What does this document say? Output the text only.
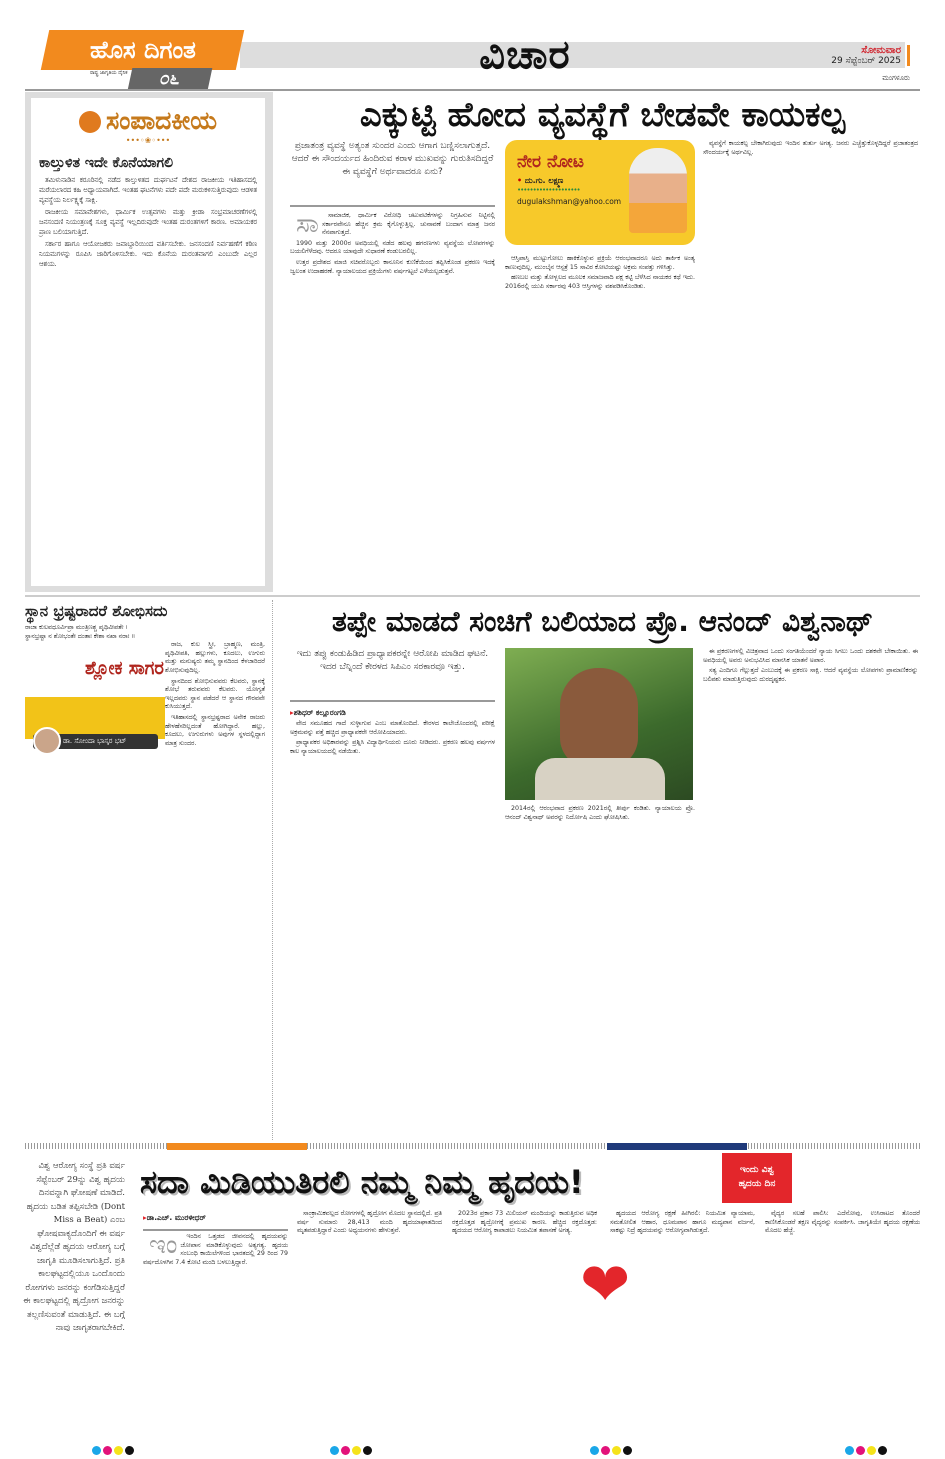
ಹೊಸ ದಿಗಂತ
ರಾಷ್ಟ್ರ ಜಾಗೃತಿಯ ದೈನಿಕ	೦೬
ವಿಚಾರ	ಸೋಮವಾರ
29 ಸೆಪ್ಟೆಂಬರ್ 2025
ಮಂಗಳೂರು
ಸಂಪಾದಕೀಯ
•••◦❀◦•••
ಕಾಲ್ತುಳಿತ ಇದೇ ಕೊನೆಯಾಗಲಿ

ತಮಿಳುನಾಡಿನ ಕರೂರಿನಲ್ಲಿ ನಡೆದ ಕಾಲ್ತುಳಿತದ ದುರ್ಘಟನೆ ದೇಶದ ರಾಜಕೀಯ ಇತಿಹಾಸದಲ್ಲಿ ಮರೆಯಲಾರದ ಕಹಿ ಅಧ್ಯಾಯವಾಗಿದೆ. ಇಂತಹ ಘಟನೆಗಳು ಪದೇ ಪದೇ ಮರುಕಳಿಸುತ್ತಿರುವುದು ಆಡಳಿತ ವ್ಯವಸ್ಥೆಯ ನಿರ್ಲಕ್ಷ್ಯಕ್ಕೆ ಸಾಕ್ಷಿ.

ರಾಜಕೀಯ ಸಮಾವೇಶಗಳು, ಧಾರ್ಮಿಕ ಉತ್ಸವಗಳು ಮತ್ತು ಕ್ರೀಡಾ ಸಂಭ್ರಮಾಚರಣೆಗಳಲ್ಲಿ ಜನಸಂದಣಿ ನಿಯಂತ್ರಣಕ್ಕೆ ಸೂಕ್ತ ವ್ಯವಸ್ಥೆ ಇಲ್ಲದಿರುವುದೇ ಇಂತಹ ದುರಂತಗಳಿಗೆ ಕಾರಣ. ಅಮಾಯಕರ ಪ್ರಾಣ ಬಲಿಯಾಗುತ್ತಿದೆ.

ಸರ್ಕಾರ ಹಾಗೂ ಆಯೋಜಕರು ಜವಾಬ್ದಾರಿಯಿಂದ ವರ್ತಿಸಬೇಕು. ಜನಸಂದಣಿ ನಿರ್ವಹಣೆಗೆ ಕಠಿಣ ನಿಯಮಗಳನ್ನು ರೂಪಿಸಿ ಜಾರಿಗೊಳಿಸಬೇಕು. ಇದು ಕೊನೆಯ ದುರಂತವಾಗಲಿ ಎಂಬುದೇ ಎಲ್ಲರ ಆಶಯ.

ಎಕ್ಕುಟ್ಟಿ ಹೋದ ವ್ಯವಸ್ಥೆಗೆ ಬೇಡವೇ ಕಾಯಕಲ್ಪ
ಪ್ರಜಾತಂತ್ರ ವ್ಯವಸ್ಥೆ ಅತ್ಯಂತ ಸುಂದರ ಎಂದು ಆಗಾಗ ಬಣ್ಣಿಸಲಾಗುತ್ತದೆ. ಆದರೆ ಈ ಸೌಂದರ್ಯದ ಹಿಂದಿರುವ ಕರಾಳ ಮುಖವನ್ನು ಗುರುತಿಸದಿದ್ದರೆ ಈ ವ್ಯವಸ್ಥೆಗೆ ಅರ್ಥವಾದರೂ ಏನು?	ನೇರ ನೋಟ
• ದು.ಗು. ಲಕ್ಷ್ಮಣ
••••••••••••••••••••
dugulakshman@yahoo.com

ಸಾ ಸಾಮಾಜಿಕ, ಧಾರ್ಮಿಕ ವಿರೋಧಿ ಚಟುವಟಿಕೆಗಳನ್ನು ನಿಗ್ರಹಿಸುವ ನಿಟ್ಟಿನಲ್ಲಿ ಸರ್ಕಾರವೇನೂ ಹೆಚ್ಚಿನ ಕ್ರಮ ಕೈಗೊಳ್ಳುತ್ತಿಲ್ಲ. ಚುನಾವಣೆ ಬಂದಾಗ ಮಾತ್ರ ಜನರ ನೆನಪಾಗುತ್ತದೆ.

1990 ಮತ್ತು 2000ರ ಅವಧಿಯಲ್ಲಿ ನಡೆದ ಹಲವು ಹಗರಣಗಳು ವ್ಯವಸ್ಥೆಯ ಲೋಪಗಳನ್ನು ಬಯಲಿಗೆಳೆದವು. ಆದರೂ ಯಾವುದೇ ಸುಧಾರಣೆ ಕಂಡುಬರಲಿಲ್ಲ.

ಉತ್ತರ ಪ್ರದೇಶದ ಮಾಜಿ ಸಚಿವರೊಬ್ಬರು ಕಾನೂನಿನ ಕುಣಿಕೆಯಿಂದ ತಪ್ಪಿಸಿಕೊಂಡ ಪ್ರಕರಣ ಇದಕ್ಕೆ ಜ್ವಲಂತ ಉದಾಹರಣೆ. ನ್ಯಾಯಾಲಯದ ಪ್ರಕ್ರಿಯೆಗಳು ವರ್ಷಗಟ್ಟಲೆ ಎಳೆಯಲ್ಪಡುತ್ತವೆ.

ಆಸ್ತಿಪಾಸ್ತಿ ಮುಟ್ಟುಗೋಲು ಹಾಕಿಕೊಳ್ಳುವ ಪ್ರಕ್ರಿಯೆ ಆರಂಭವಾದರೂ ಅದು ತಾರ್ಕಿಕ ಅಂತ್ಯ ಕಾಣುವುದಿಲ್ಲ. ಮುಂಬೈನ ಆಸ್ಪತ್ರೆ 15 ಸಾವಿರ ಕೋಟಿಯಷ್ಟು ಅಕ್ರಮ ಸಂಪತ್ತು ಗಳಿಸಿತ್ತು.

ಹಣಬಲ ಮತ್ತು ತೋಳ್ಬಲದ ಮೂಲಕ ಸಮಾಜವಾದಿ ಪಕ್ಷ ಕಟ್ಟಿ ಬೆಳೆಸಿದ ನಾಯಕರ ಕಥೆ ಇದು. 2016ರಲ್ಲಿ ಯುಪಿ ಸರ್ಕಾರವು 403 ಆಸ್ತಿಗಳನ್ನು ವಶಪಡಿಸಿಕೊಂಡಿತು.

ವ್ಯವಸ್ಥೆಗೆ ಕಾಯಕಲ್ಪ ಬೇಕಾಗಿರುವುದು ಇಂದಿನ ತುರ್ತು ಅಗತ್ಯ. ಜನರು ಎಚ್ಚೆತ್ತುಕೊಳ್ಳದಿದ್ದರೆ ಪ್ರಜಾತಂತ್ರದ ಸೌಂದರ್ಯಕ್ಕೆ ಅರ್ಥವಿಲ್ಲ.

ಸ್ಥಾನ ಭ್ರಷ್ಟರಾದರೆ ಶೋಭಿಸದು
ರಾಜಾ ಕುಲವಧೂರ್ವಿಪ್ರಾ ಮಂತ್ರಿಣಶ್ಚ ಪೃಥಿವೀಪತೇ ।
ಸ್ಥಾನಭ್ರಷ್ಟಾ ನ ಶೋಭಂತೇ ದಂತಾಃ ಕೇಶಾ ನಖಾ ನರಾಃ ॥
ಶ್ಲೋಕ ಸಾಗರ
ಡಾ. ಸೋಂದಾ ಭಾಸ್ಕರ ಭಟ್

ರಾಜ, ಕುಲ ಸ್ತ್ರೀ, ಬ್ರಾಹ್ಮಣ, ಮಂತ್ರಿ, ಪೃಥಿವೀಪತಿ, ಹಲ್ಲುಗಳು, ಕೂದಲು, ಉಗುರು ಮತ್ತು ಮನುಷ್ಯರು ತಮ್ಮ ಸ್ಥಾನದಿಂದ ಕೆಳಜಾರಿದರೆ ಶೋಭಿಸುವುದಿಲ್ಲ.

ಸ್ಥಾನದಿಂದ ಶೋಭಿಸುವವರು ಕೆಲವರು, ಸ್ಥಾನಕ್ಕೆ ಶೋಭೆ ತರುವವರು ಕೆಲವರು. ಯೋಗ್ಯತೆ ಇಲ್ಲದವರು ಸ್ಥಾನ ಪಡೆದರೆ ಆ ಸ್ಥಾನದ ಗೌರವವೇ ಕುಸಿಯುತ್ತದೆ.

ಇತಿಹಾಸದಲ್ಲಿ ಸ್ಥಾನಭ್ರಷ್ಟರಾದ ಅನೇಕ ರಾಜರು ಹೇಳಹೆಸರಿಲ್ಲದಂತೆ ಹೋಗಿದ್ದಾರೆ. ಹಲ್ಲು, ಕೂದಲು, ಉಗುರುಗಳು ಅವುಗಳ ಸ್ಥಳದಲ್ಲಿದ್ದಾಗ ಮಾತ್ರ ಸುಂದರ.

ತಪ್ಪೇ ಮಾಡದೆ ಸಂಚಿಗೆ ಬಲಿಯಾದ ಪ್ರೊ. ಆನಂದ್ ವಿಶ್ವನಾಥ್
ಇದು ತಪ್ಪು ಕಂಡುಹಿಡಿದ ಪ್ರಾಧ್ಯಾಪಕರನ್ನೇ ಆರೋಪಿ ಮಾಡಿದ ಘಟನೆ. ಇದರ ಬೆನ್ನಿಂದೆ ಕೇರಳದ ಸಿಪಿಎಂ ಸರಕಾರವೂ ಇತ್ತು.
▸ಶಶಿಧರ್ ಕಲ್ಲೂರಂಗಡಿ

ವೇದ ಸಮೂಹದ ಗಾದೆ ಸುಳ್ಳಾಗುವ ಎಂಬ ಮಾತೊಂದಿದೆ. ಕೇರಳದ ಕಾಲೇಜೊಂದರಲ್ಲಿ ಪರೀಕ್ಷೆ ಅಕ್ರಮವನ್ನು ಪತ್ತೆ ಹಚ್ಚಿದ ಪ್ರಾಧ್ಯಾಪಕರೇ ಆರೋಪಿಯಾದರು.

ಪ್ರಾಧ್ಯಾಪಕರ ಅಧಿಕಾರವನ್ನು ಪ್ರಶ್ನಿಸಿ ವಿದ್ಯಾರ್ಥಿನಿಯರು ದೂರು ನೀಡಿದರು. ಪ್ರಕರಣ ಹಲವು ವರ್ಷಗಳ ಕಾಲ ನ್ಯಾಯಾಲಯದಲ್ಲಿ ನಡೆಯಿತು.

2014ರಲ್ಲಿ ಆರಂಭವಾದ ಪ್ರಕರಣ 2021ರಲ್ಲಿ ತೀರ್ಪು ಕಂಡಿತು. ನ್ಯಾಯಾಲಯ ಪ್ರೊ. ಆನಂದ್ ವಿಶ್ವನಾಥ್ ಅವರನ್ನು ನಿರ್ದೋಷಿ ಎಂದು ಘೋಷಿಸಿತು.

ಈ ಪ್ರಕರಣಗಳಲ್ಲಿ ವಿಚಿತ್ರವಾದ ಒಂದು ಸಂಗತಿಯೆಂದರೆ ನ್ಯಾಯ ಸಿಗಲು ಒಂದು ದಶಕವೇ ಬೇಕಾಯಿತು. ಈ ಅವಧಿಯಲ್ಲಿ ಅವರು ಅನುಭವಿಸಿದ ಮಾನಸಿಕ ಯಾತನೆ ಅಪಾರ.

ಸತ್ಯ ಎಂದಿಗೂ ಗೆಲ್ಲುತ್ತದೆ ಎಂಬುದಕ್ಕೆ ಈ ಪ್ರಕರಣ ಸಾಕ್ಷಿ. ಆದರೆ ವ್ಯವಸ್ಥೆಯ ಲೋಪಗಳು ಪ್ರಾಮಾಣಿಕರನ್ನು ಬಲಿಪಶು ಮಾಡುತ್ತಿರುವುದು ದುರದೃಷ್ಟಕರ.

ವಿಶ್ವ ಆರೋಗ್ಯ ಸಂಸ್ಥೆ ಪ್ರತಿ ವರ್ಷ ಸೆಪ್ಟೆಂಬರ್ 29ನ್ನು ವಿಶ್ವ ಹೃದಯ ದಿನವನ್ನಾಗಿ ಘೋಷಣೆ ಮಾಡಿದೆ. ಹೃದಯ ಬಡಿತ ತಪ್ಪಿಸಬೇಡಿ (Dont Miss a Beat) ಎಂಬ ಘೋಷವಾಕ್ಯದೊಂದಿಗೆ ಈ ವರ್ಷ ವಿಶ್ವದೆಲ್ಲೆಡೆ ಹೃದಯ ಆರೋಗ್ಯ ಬಗ್ಗೆ ಜಾಗೃತಿ ಮೂಡಿಸಲಾಗುತ್ತಿದೆ. ಪ್ರತಿ ಕಾಲಘಟ್ಟದಲ್ಲಿಯೂ ಒಂದೊಂದು ರೋಗಗಳು ಜನರನ್ನು ಕಂಗೆಡಿಸುತ್ತಿದ್ದರೆ ಈ ಕಾಲಘಟ್ಟದಲ್ಲಿ ಹೃದ್ರೋಗ ಜನರನ್ನು ತಲ್ಲಣಿಸುವಂತೆ ಮಾಡುತ್ತಿದೆ. ಈ ಬಗ್ಗೆ ನಾವು ಜಾಗೃತರಾಗಬೇಕಿದೆ.
ಸದಾ ಮಿಡಿಯುತಿರಲಿ ನಮ್ಮ ನಿಮ್ಮ ಹೃದಯ!	ಇಂದು ವಿಶ್ವ
ಹೃದಯ ದಿನ
▸ಡಾ.ಎಚ್. ಮುರಳೀಧರ್

ಇಂ ಇಂದಿನ ಒತ್ತಡದ ಜೀವನದಲ್ಲಿ ಹೃದಯವನ್ನು ಜೋಪಾನ ಮಾಡಿಕೊಳ್ಳುವುದು ಅತ್ಯಗತ್ಯ. ಹೃದಯ ಸಂಬಂಧಿ ಕಾಯಿಲೆಗಳಿಂದ ಭಾರತದಲ್ಲಿ 29 ರಿಂದ 79 ವರ್ಷದೊಳಗಿನ 7.4 ಕೋಟಿ ಮಂದಿ ಬಳಲುತ್ತಿದ್ದಾರೆ.

ಸಾಂಕ್ರಾಮಿಕವಲ್ಲದ ರೋಗಗಳಲ್ಲಿ ಹೃದ್ರೋಗ ಮೊದಲ ಸ್ಥಾನದಲ್ಲಿದೆ. ಪ್ರತಿ ವರ್ಷ ಸುಮಾರು 28,413 ಮಂದಿ ಹೃದಯಾಘಾತದಿಂದ ಮೃತಪಡುತ್ತಿದ್ದಾರೆ ಎಂದು ಅಧ್ಯಯನಗಳು ಹೇಳುತ್ತವೆ.

2023ರ ಪ್ರಕಾರ 73 ಮಿಲಿಯನ್ ಮಂದಿಯನ್ನು ಕಾಡುತ್ತಿರುವ ಅಧಿಕ ರಕ್ತದೊತ್ತಡ ಹೃದ್ರೋಗಕ್ಕೆ ಪ್ರಮುಖ ಕಾರಣ. ಹೆಚ್ಚಿದ ರಕ್ತದೊತ್ತಡ: ಹೃದಯದ ಆರೋಗ್ಯ ಕಾಪಾಡಲು ನಿಯಮಿತ ತಪಾಸಣೆ ಅಗತ್ಯ.

❤

ಹೃದಯದ ಆರೋಗ್ಯ ರಕ್ಷಣೆ ಹೀಗಿರಲಿ: ನಿಯಮಿತ ವ್ಯಾಯಾಮ, ಸಮತೋಲಿತ ಆಹಾರ, ಧೂಮಪಾನ ಹಾಗೂ ಮದ್ಯಪಾನ ವರ್ಜನೆ, ಸಾಕಷ್ಟು ನಿದ್ರೆ ಹೃದಯವನ್ನು ಆರೋಗ್ಯವಾಗಿಡುತ್ತದೆ.

ವೈದ್ಯರ ಸಲಹೆ ಪಾಲಿಸಿ: ಎದೆನೋವು, ಉಸಿರಾಟದ ತೊಂದರೆ ಕಾಣಿಸಿಕೊಂಡರೆ ತಕ್ಷಣ ವೈದ್ಯರನ್ನು ಸಂಪರ್ಕಿಸಿ. ಜಾಗೃತಿಯೇ ಹೃದಯ ರಕ್ಷಣೆಯ ಮೊದಲ ಹೆಜ್ಜೆ.
